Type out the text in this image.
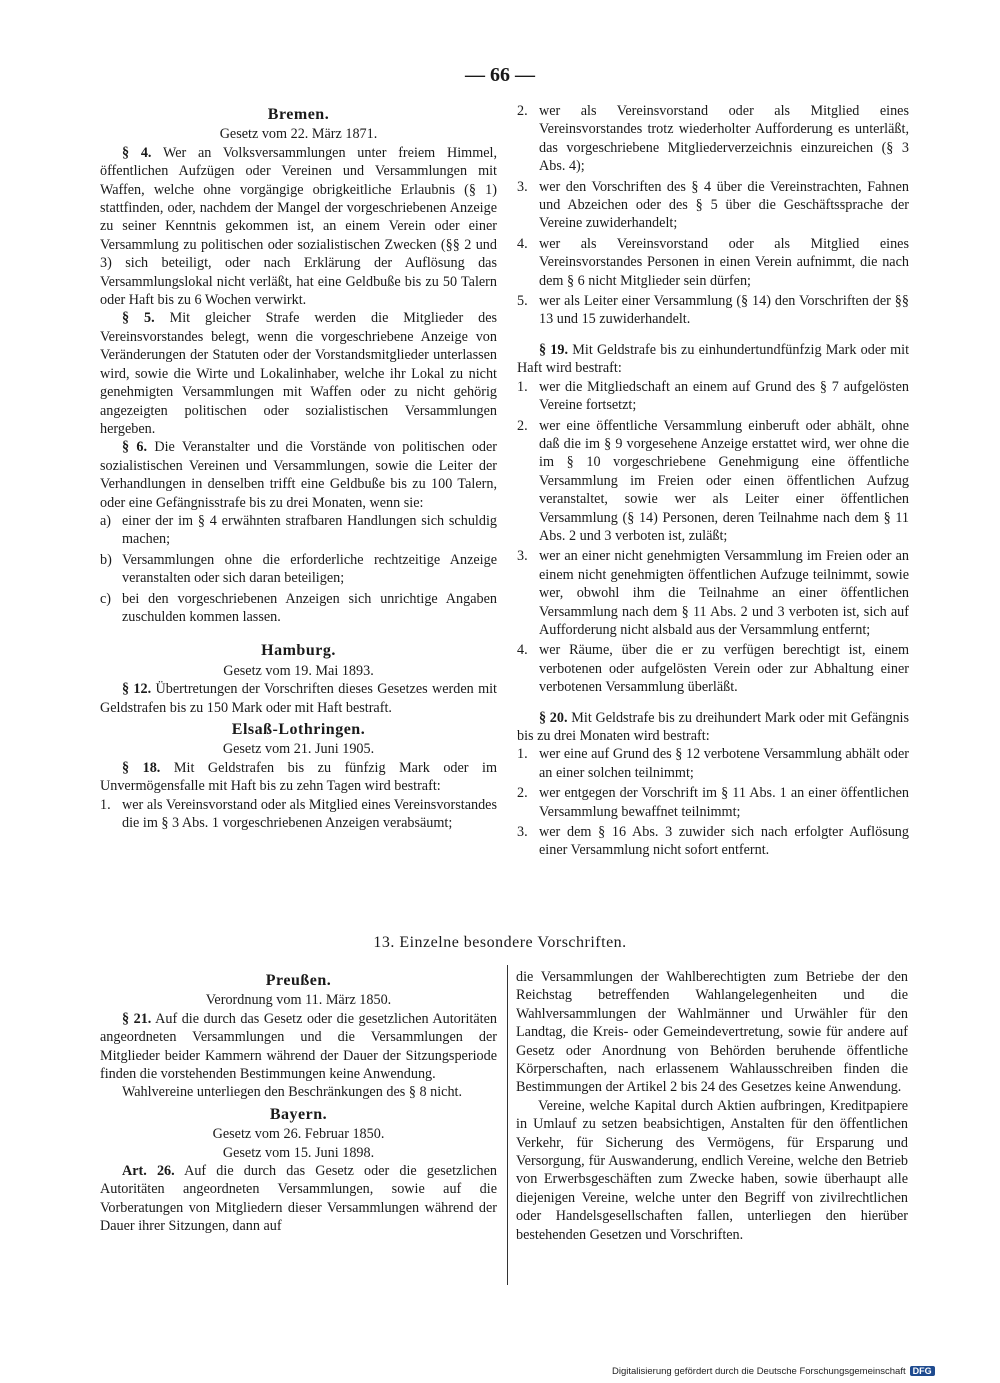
— 66 —
Bremen.
Gesetz vom 22. März 1871.

§ 4. Wer an Volksversammlungen unter freiem Himmel, öffentlichen Aufzügen oder Vereinen und Versammlungen mit Waffen, welche ohne vorgängige obrigkeitliche Erlaubnis (§ 1) stattfinden, oder, nachdem der Mangel der vorgeschriebenen Anzeige zu seiner Kenntnis gekommen ist, an einem Verein oder einer Versammlung zu politischen oder sozialistischen Zwecken (§§ 2 und 3) sich beteiligt, oder nach Erklärung der Auflösung das Versammlungslokal nicht verläßt, hat eine Geldbuße bis zu 50 Talern oder Haft bis zu 6 Wochen verwirkt.

§ 5. Mit gleicher Strafe werden die Mitglieder des Vereinsvorstandes belegt, wenn die vorgeschriebene Anzeige von Veränderungen der Statuten oder der Vorstandsmitglieder unterlassen wird, sowie die Wirte und Lokalinhaber, welche ihr Lokal zu nicht genehmigten Versammlungen mit Waffen oder zu nicht gehörig angezeigten politischen oder sozialistischen Versammlungen hergeben.

§ 6. Die Veranstalter und die Vorstände von politischen oder sozialistischen Vereinen und Versammlungen, sowie die Leiter der Verhandlungen in denselben trifft eine Geldbuße bis zu 100 Talern, oder eine Gefängnisstrafe bis zu drei Monaten, wenn sie:

a) einer der im § 4 erwähnten strafbaren Handlungen sich schuldig machen;
b) Versammlungen ohne die erforderliche rechtzeitige Anzeige veranstalten oder sich daran beteiligen;
c) bei den vorgeschriebenen Anzeigen sich unrichtige Angaben zuschulden kommen lassen.
Hamburg.
Gesetz vom 19. Mai 1893.

§ 12. Übertretungen der Vorschriften dieses Gesetzes werden mit Geldstrafen bis zu 150 Mark oder mit Haft bestraft.

Elsaß-Lothringen.
Gesetz vom 21. Juni 1905.

§ 18. Mit Geldstrafen bis zu fünfzig Mark oder im Unvermögensfalle mit Haft bis zu zehn Tagen wird bestraft:

1. wer als Vereinsvorstand oder als Mitglied eines Vereinsvorstandes die im § 3 Abs. 1 vorgeschriebenen Anzeigen verabsäumt;
2. wer als Vereinsvorstand oder als Mitglied eines Vereinsvorstandes trotz wiederholter Aufforderung es unterläßt, das vorgeschriebene Mitgliederverzeichnis einzureichen (§ 3 Abs. 4);
3. wer den Vorschriften des § 4 über die Vereinstrachten, Fahnen und Abzeichen oder des § 5 über die Geschäftssprache der Vereine zuwiderhandelt;
4. wer als Vereinsvorstand oder als Mitglied eines Vereinsvorstandes Personen in einen Verein aufnimmt, die nach dem § 6 nicht Mitglieder sein dürfen;
5. wer als Leiter einer Versammlung (§ 14) den Vorschriften der §§ 13 und 15 zuwiderhandelt.

§ 19. Mit Geldstrafe bis zu einhundertundfünfzig Mark oder mit Haft wird bestraft:

1. wer die Mitgliedschaft an einem auf Grund des § 7 aufgelösten Vereine fortsetzt;
2. wer eine öffentliche Versammlung einberuft oder abhält, ohne daß die im § 9 vorgesehene Anzeige erstattet wird, wer ohne die im § 10 vorgeschriebene Genehmigung eine öffentliche Versammlung im Freien oder einen öffentlichen Aufzug veranstaltet, sowie wer als Leiter einer öffentlichen Versammlung (§ 14) Personen, deren Teilnahme nach dem § 11 Abs. 2 und 3 verboten ist, zuläßt;
3. wer an einer nicht genehmigten Versammlung im Freien oder an einem nicht genehmigten öffentlichen Aufzuge teilnimmt, sowie wer, obwohl ihm die Teilnahme an einer öffentlichen Versammlung nach dem § 11 Abs. 2 und 3 verboten ist, sich auf Aufforderung nicht alsbald aus der Versammlung entfernt;
4. wer Räume, über die er zu verfügen berechtigt ist, einem verbotenen oder aufgelösten Verein oder zur Abhaltung einer verbotenen Versammlung überläßt.

§ 20. Mit Geldstrafe bis zu dreihundert Mark oder mit Gefängnis bis zu drei Monaten wird bestraft:

1. wer eine auf Grund des § 12 verbotene Versammlung abhält oder an einer solchen teilnimmt;
2. wer entgegen der Vorschrift im § 11 Abs. 1 an einer öffentlichen Versammlung bewaffnet teilnimmt;
3. wer dem § 16 Abs. 3 zuwider sich nach erfolgter Auflösung einer Versammlung nicht sofort entfernt.
13. Einzelne besondere Vorschriften.
Preußen.
Verordnung vom 11. März 1850.

§ 21. Auf die durch das Gesetz oder die gesetzlichen Autoritäten angeordneten Versammlungen und die Versammlungen der Mitglieder beider Kammern während der Dauer der Sitzungsperiode finden die vorstehenden Bestimmungen keine Anwendung.

Wahlvereine unterliegen den Beschränkungen des § 8 nicht.

Bayern.
Gesetz vom 26. Februar 1850.
Gesetz vom 15. Juni 1898.

Art. 26. Auf die durch das Gesetz oder die gesetzlichen Autoritäten angeordneten Versammlungen, sowie auf die Vorberatungen von Mitgliedern dieser Versammlungen während der Dauer ihrer Sitzungen, dann auf

die Versammlungen der Wahlberechtigten zum Betriebe der den Reichstag betreffenden Wahlangelegenheiten und die Wahlversammlungen der Wahlmänner und Urwähler für den Landtag, die Kreis- oder Gemeindevertretung, sowie für andere auf Gesetz oder Anordnung von Behörden beruhende öffentliche Körperschaften, nach erlassenem Wahlausschreiben finden die Bestimmungen der Artikel 2 bis 24 des Gesetzes keine Anwendung.

Vereine, welche Kapital durch Aktien aufbringen, Kreditpapiere in Umlauf zu setzen beabsichtigen, Anstalten für den öffentlichen Verkehr, für Sicherung des Vermögens, für Ersparung und Versorgung, für Auswanderung, endlich Vereine, welche den Betrieb von Erwerbsgeschäften zum Zwecke haben, sowie überhaupt alle diejenigen Vereine, welche unter den Begriff von zivilrechtlichen oder Handelsgesellschaften fallen, unterliegen den hierüber bestehenden Gesetzen und Vorschriften.

Digitalisierung gefördert durch die Deutsche Forschungsgemeinschaft DFG
